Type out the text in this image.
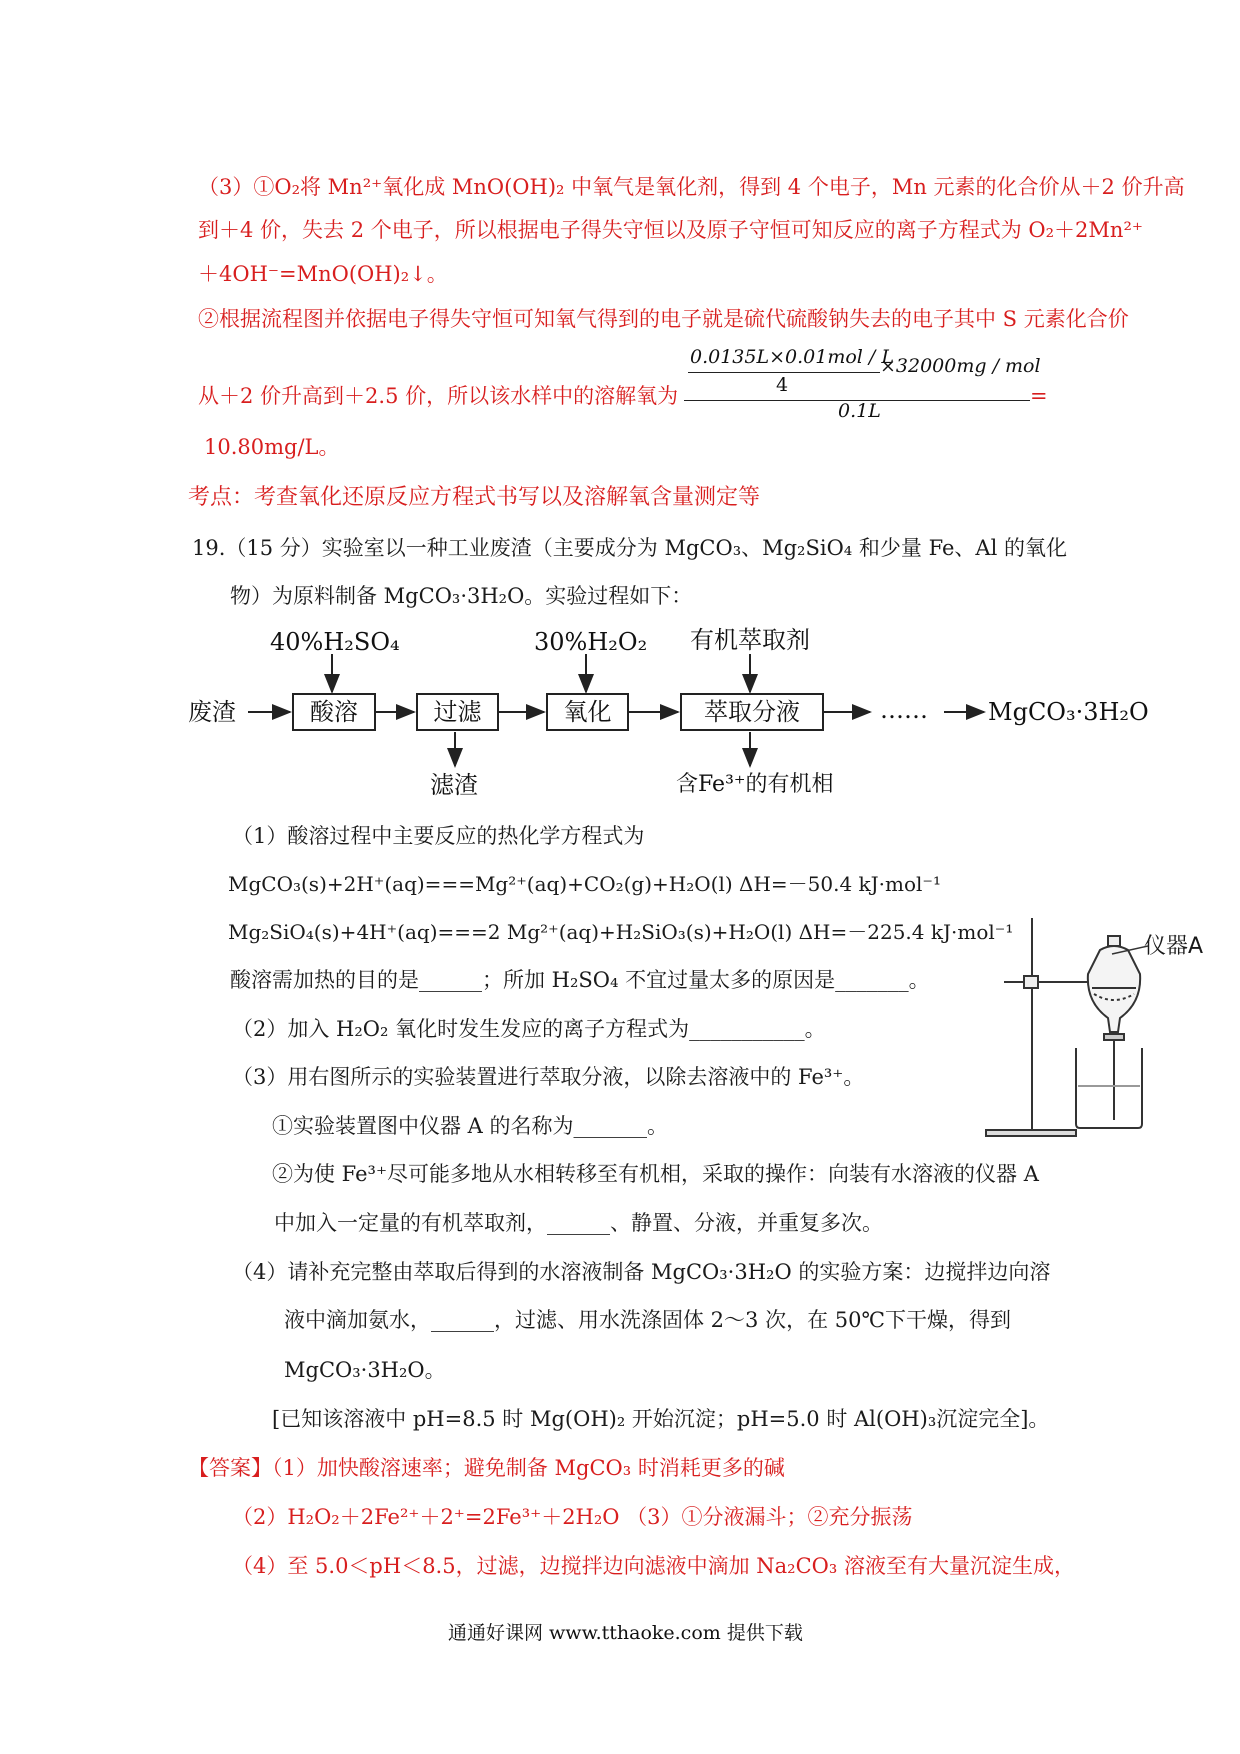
（3）①O₂将 Mn²⁺氧化成 MnO(OH)₂ 中氧气是氧化剂，得到 4 个电子，Mn 元素的化合价从＋2 价升高
到＋4 价，失去 2 个电子，所以根据电子得失守恒以及原子守恒可知反应的离子方程式为 O₂＋2Mn²⁺
＋4OH⁻=MnO(OH)₂↓。
②根据流程图并依据电子得失守恒可知氧气得到的电子就是硫代硫酸钠失去的电子其中 S 元素化合价
从＋2 价升高到＋2.5 价，所以该水样中的溶解氧为
0.0135L×0.01mol / L
×32000mg / mol
4
0.1L
=
10.80mg/L。
考点：考查氧化还原反应方程式书写以及溶解氧含量测定等
19.（15 分）实验室以一种工业废渣（主要成分为 MgCO₃、Mg₂SiO₄ 和少量 Fe、Al 的氧化
物）为原料制备 MgCO₃·3H₂O。实验过程如下：
废渣
40%H₂SO₄
酸溶	过滤
滤渣
30%H₂O₂
氧化
有机萃取剂
萃取分液
含Fe³⁺的有机相
……	MgCO₃·3H₂O
（1）酸溶过程中主要反应的热化学方程式为
MgCO₃(s)+2H⁺(aq)===Mg²⁺(aq)+CO₂(g)+H₂O(l) ΔH=－50.4 kJ·mol⁻¹
Mg₂SiO₄(s)+4H⁺(aq)===2 Mg²⁺(aq)+H₂SiO₃(s)+H₂O(l) ΔH=－225.4 kJ·mol⁻¹
酸溶需加热的目的是______；所加 H₂SO₄ 不宜过量太多的原因是_______。
（2）加入 H₂O₂ 氧化时发生发应的离子方程式为___________。
（3）用右图所示的实验装置进行萃取分液，以除去溶液中的 Fe³⁺。
①实验装置图中仪器 A 的名称为_______。
②为使 Fe³⁺尽可能多地从水相转移至有机相，采取的操作：向装有水溶液的仪器 A
中加入一定量的有机萃取剂，______、静置、分液，并重复多次。
（4）请补充完整由萃取后得到的水溶液制备 MgCO₃·3H₂O 的实验方案：边搅拌边向溶
液中滴加氨水，______，过滤、用水洗涤固体 2～3 次，在 50℃下干燥，得到
MgCO₃·3H₂O。
[已知该溶液中 pH=8.5 时 Mg(OH)₂ 开始沉淀；pH=5.0 时 Al(OH)₃沉淀完全]。
仪器A
【答案】（1）加快酸溶速率；避免制备 MgCO₃ 时消耗更多的碱
（2）H₂O₂＋2Fe²⁺＋2⁺=2Fe³⁺＋2H₂O （3）①分液漏斗；②充分振荡
（4）至 5.0＜pH＜8.5，过滤，边搅拌边向滤液中滴加 Na₂CO₃ 溶液至有大量沉淀生成，
通通好课网 www.tthaoke.com 提供下载
